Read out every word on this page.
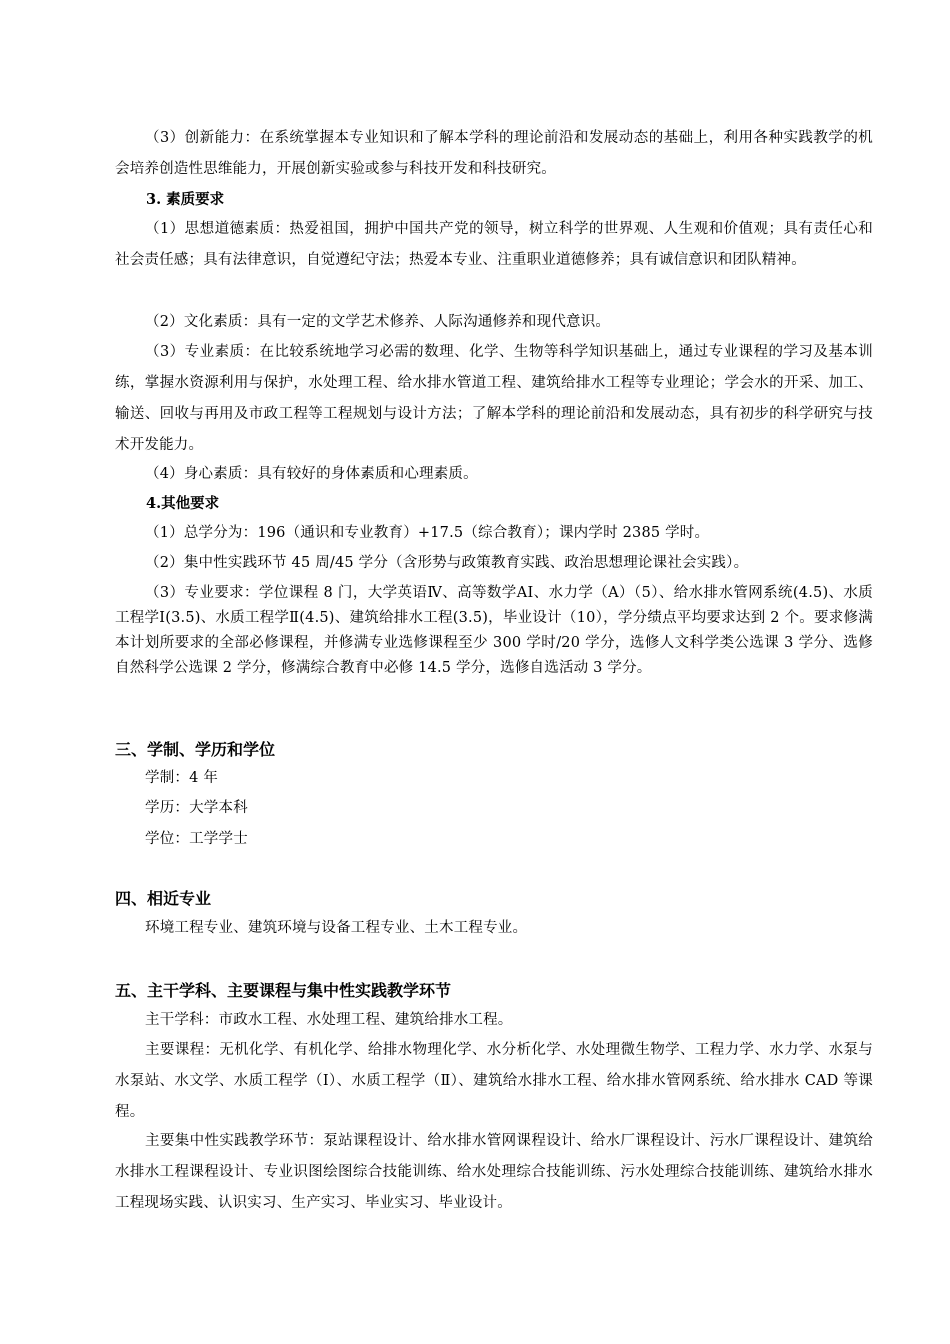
（3）创新能力：在系统掌握本专业知识和了解本学科的理论前沿和发展动态的基础上，利用各种实践教学的机会培养创造性思维能力，开展创新实验或参与科技开发和科技研究。

3. 素质要求

（1）思想道德素质：热爱祖国，拥护中国共产党的领导，树立科学的世界观、人生观和价值观；具有责任心和社会责任感；具有法律意识，自觉遵纪守法；热爱本专业、注重职业道德修养；具有诚信意识和团队精神。

（2）文化素质：具有一定的文学艺术修养、人际沟通修养和现代意识。

（3）专业素质：在比较系统地学习必需的数理、化学、生物等科学知识基础上，通过专业课程的学习及基本训练，掌握水资源利用与保护，水处理工程、给水排水管道工程、建筑给排水工程等专业理论；学会水的开采、加工、输送、回收与再用及市政工程等工程规划与设计方法；了解本学科的理论前沿和发展动态，具有初步的科学研究与技术开发能力。

（4）身心素质：具有较好的身体素质和心理素质。

4.其他要求

（1）总学分为：196（通识和专业教育）+17.5（综合教育）；课内学时 2385 学时。

（2）集中性实践环节 45 周/45 学分（含形势与政策教育实践、政治思想理论课社会实践）。

（3）专业要求：学位课程 8 门，大学英语Ⅳ、高等数学AⅠ、水力学（A）（5）、给水排水管网系统(4.5)、水质工程学Ⅰ(3.5)、水质工程学Ⅱ(4.5)、建筑给排水工程(3.5)，毕业设计（10），学分绩点平均要求达到 2 个。要求修满本计划所要求的全部必修课程，并修满专业选修课程至少 300 学时/20 学分，选修人文科学类公选课 3 学分、选修自然科学公选课 2 学分，修满综合教育中必修 14.5 学分，选修自选活动 3 学分。

三、学制、学历和学位

学制：4 年

学历：大学本科

学位：工学学士

四、相近专业

环境工程专业、建筑环境与设备工程专业、土木工程专业。

五、主干学科、主要课程与集中性实践教学环节

主干学科：市政水工程、水处理工程、建筑给排水工程。

主要课程：无机化学、有机化学、给排水物理化学、水分析化学、水处理微生物学、工程力学、水力学、水泵与水泵站、水文学、水质工程学（Ⅰ）、水质工程学（Ⅱ）、建筑给水排水工程、给水排水管网系统、给水排水 CAD 等课程。

主要集中性实践教学环节：泵站课程设计、给水排水管网课程设计、给水厂课程设计、污水厂课程设计、建筑给水排水工程课程设计、专业识图绘图综合技能训练、给水处理综合技能训练、污水处理综合技能训练、建筑给水排水工程现场实践、认识实习、生产实习、毕业实习、毕业设计。
